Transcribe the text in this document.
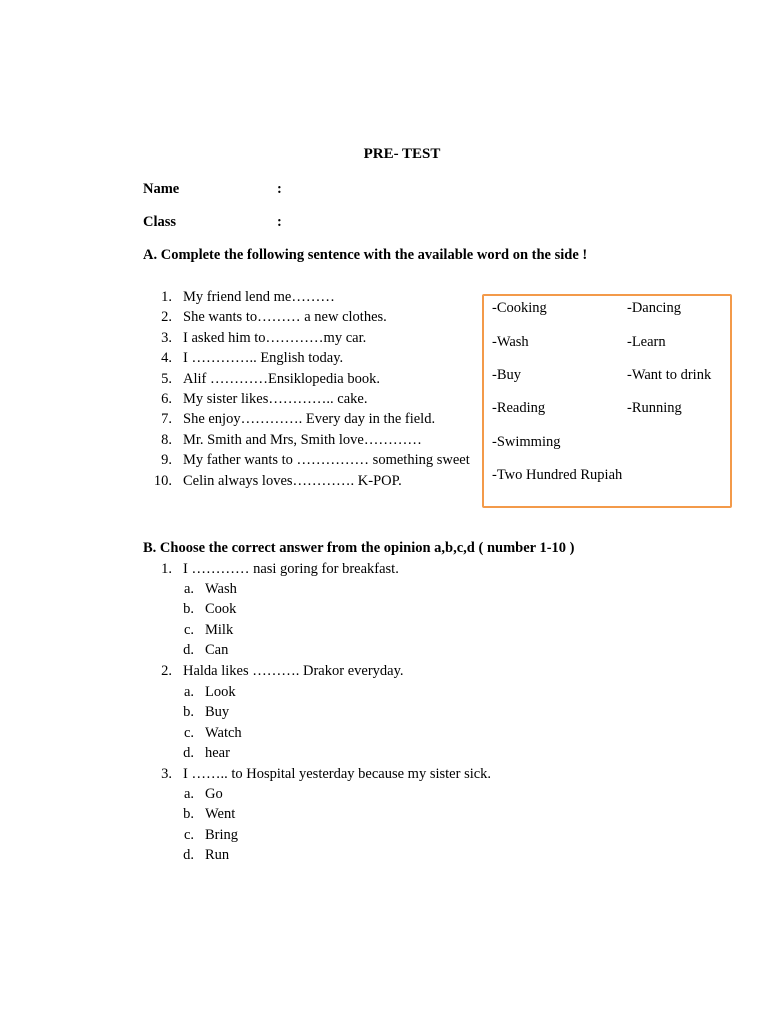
PRE- TEST
Name	:
Class	:
A. Complete the following sentence with the available word on the side !
1. My friend lend me………
2. She wants to……… a new clothes.
3. I asked him to…………my car.
4. I ………….. English today.
5. Alif …………Ensiklopedia book.
6. My sister likes………….. cake.
7. She enjoy…………. Every day in the field.
8. Mr. Smith and Mrs, Smith love…………
9. My father wants to …………… something sweet
10. Celin always loves…………. K-POP.
-Cooking	-Dancing
-Wash	-Learn
-Buy	-Want to drink
-Reading	-Running
-Swimming
-Two Hundred Rupiah
B. Choose the correct answer from the opinion a,b,c,d ( number 1-10 )
1. I ………… nasi goring for breakfast.
a. Wash
b. Cook
c. Milk
d. Can
2. Halda likes ………. Drakor everyday.
a. Look
b. Buy
c. Watch
d. hear
3. I …….. to Hospital yesterday because my sister sick.
a. Go
b. Went
c. Bring
d. Run
